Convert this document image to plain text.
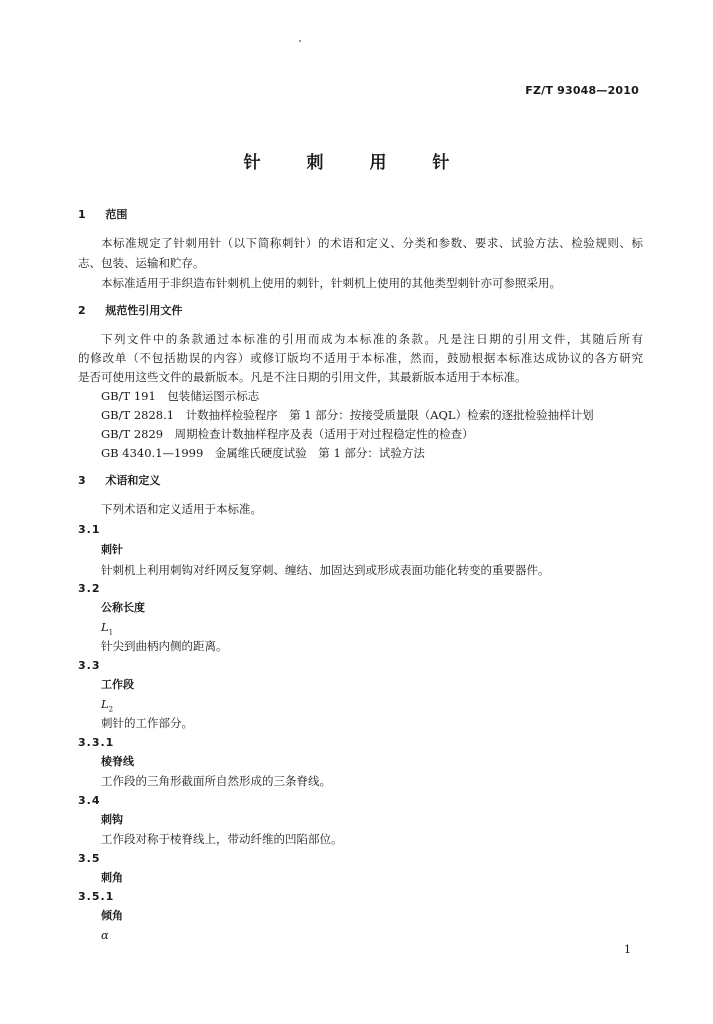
FZ/T 93048—2010
针 刺 用 针
1 范围
本标准规定了针刺用针（以下简称刺针）的术语和定义、分类和参数、要求、试验方法、检验规则、标
志、包装、运输和贮存。
本标准适用于非织造布针刺机上使用的刺针，针刺机上使用的其他类型刺针亦可参照采用。
2 规范性引用文件
下列文件中的条款通过本标准的引用而成为本标准的条款。凡是注日期的引用文件，其随后所有
的修改单（不包括勘误的内容）或修订版均不适用于本标准，然而，鼓励根据本标准达成协议的各方研究
是否可使用这些文件的最新版本。凡是不注日期的引用文件，其最新版本适用于本标准。
GB/T 191　包装储运图示标志
GB/T 2828.1　计数抽样检验程序　第 1 部分：按接受质量限（AQL）检索的逐批检验抽样计划
GB/T 2829　周期检查计数抽样程序及表（适用于对过程稳定性的检查）
GB 4340.1—1999　金属维氏硬度试验　第 1 部分：试验方法
3 术语和定义
下列术语和定义适用于本标准。
3.1
刺针
针刺机上利用刺钩对纤网反复穿刺、缠结、加固达到或形成表面功能化转变的重要器件。
3.2
公称长度
$L_1$
针尖到曲柄内侧的距离。
3.3
工作段
$L_2$
刺针的工作部分。
3.3.1
棱脊线
工作段的三角形截面所自然形成的三条脊线。
3.4
刺钩
工作段对称于棱脊线上，带动纤维的凹陷部位。
3.5
刺角
3.5.1
倾角
α
1
